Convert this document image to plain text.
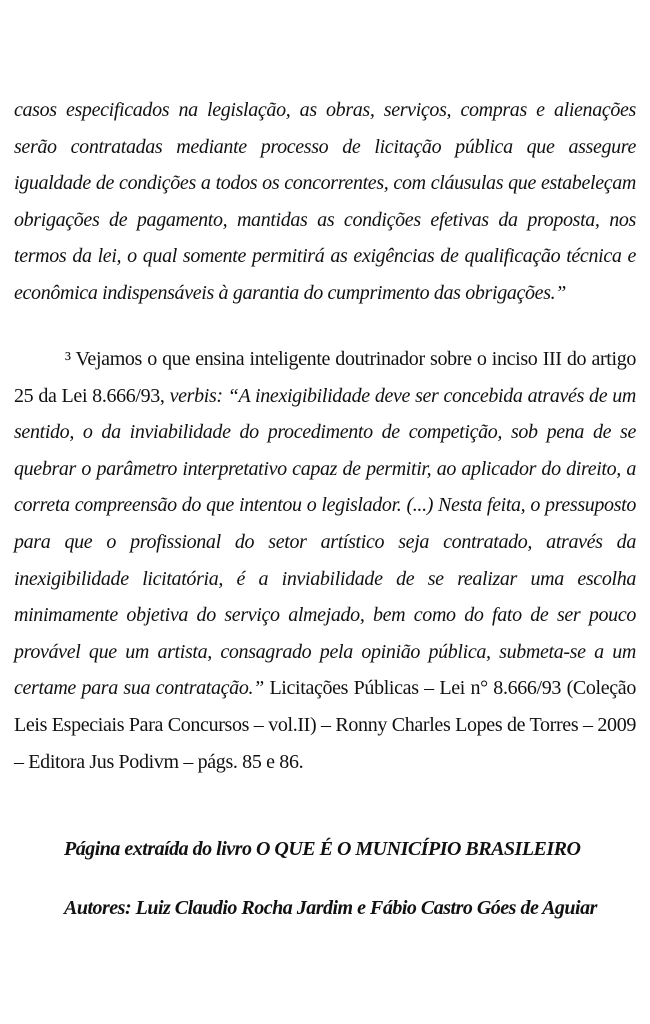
casos especificados na legislação, as obras, serviços, compras e alienações serão contratadas mediante processo de licitação pública que assegure igualdade de condições a todos os concorrentes, com cláusulas que estabeleçam obrigações de pagamento, mantidas as condições efetivas da proposta, nos termos da lei, o qual somente permitirá as exigências de qualificação técnica e econômica indispensáveis à garantia do cumprimento das obrigações.”

³ Vejamos o que ensina inteligente doutrinador sobre o inciso III do artigo 25 da Lei 8.666/93, verbis: “A inexigibilidade deve ser concebida através de um sentido, o da inviabilidade do procedimento de competição, sob pena de se quebrar o parâmetro interpretativo capaz de permitir, ao aplicador do direito, a correta compreensão do que intentou o legislador. (...) Nesta feita, o pressuposto para que o profissional do setor artístico seja contratado, através da inexigibilidade licitatória, é a inviabilidade de se realizar uma escolha minimamente objetiva do serviço almejado, bem como do fato de ser pouco provável que um artista, consagrado pela opinião pública, submeta-se a um certame para sua contratação.” Licitações Públicas – Lei n° 8.666/93 (Coleção Leis Especiais Para Concursos – vol.II) – Ronny Charles Lopes de Torres – 2009 – Editora Jus Podivm – págs. 85 e 86.

Página extraída do livro O QUE É O MUNICÍPIO BRASILEIRO

Autores: Luiz Claudio Rocha Jardim e Fábio Castro Góes de Aguiar
